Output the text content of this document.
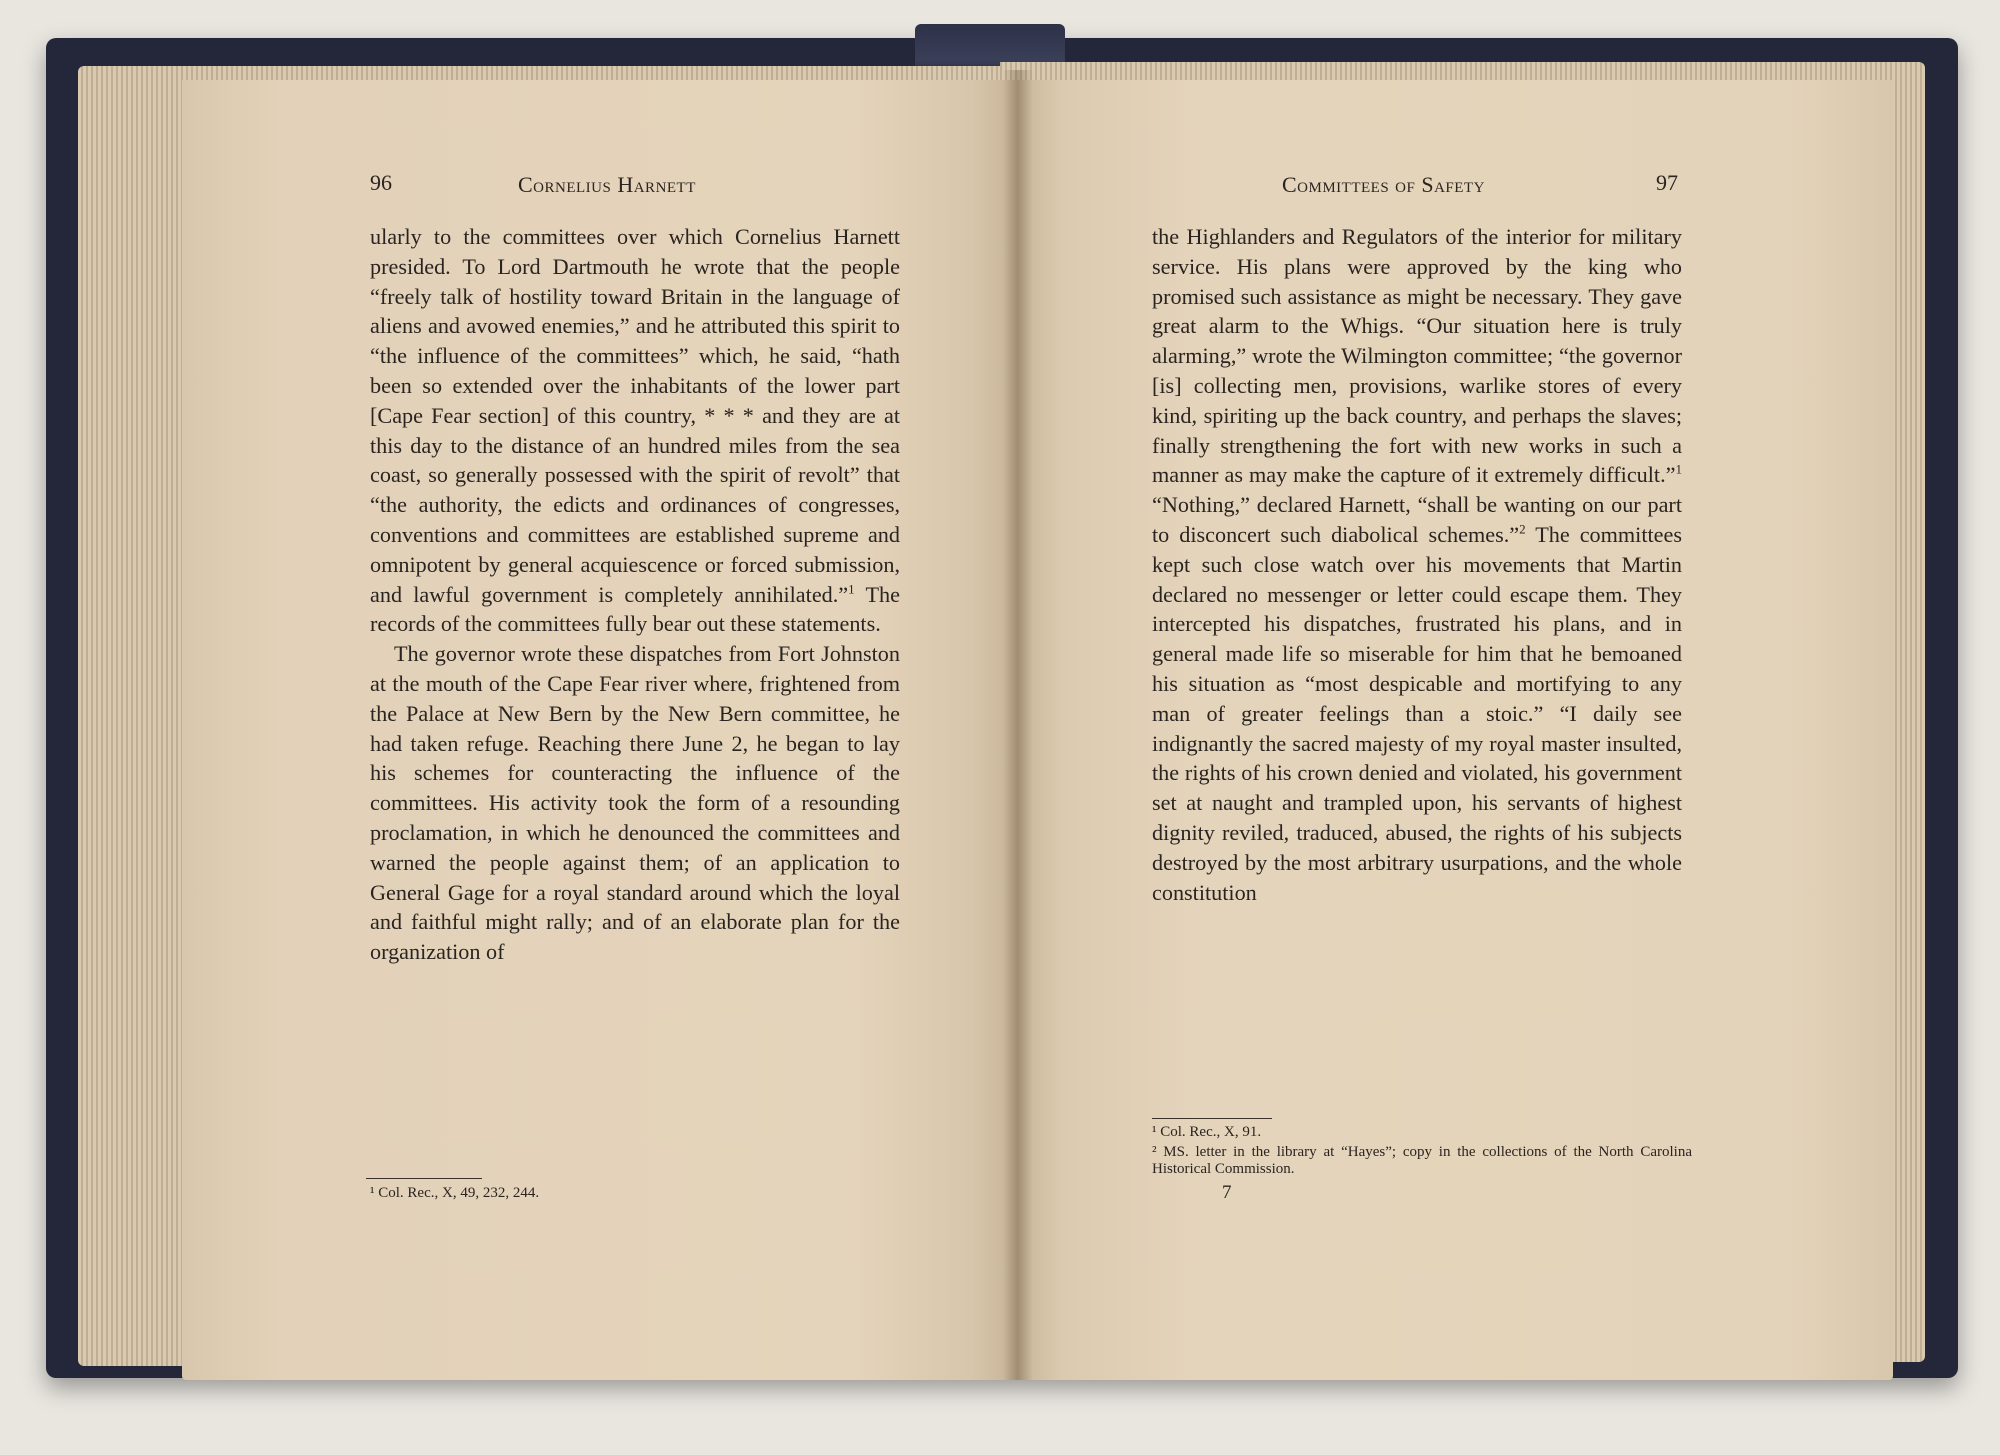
96	Cornelius Harnett

ularly to the committees over which Cornelius Harnett presided. To Lord Dartmouth he wrote that the people “freely talk of hostility toward Britain in the language of aliens and avowed enemies,” and he attributed this spirit to “the influence of the committees” which, he said, “hath been so extended over the inhabitants of the lower part [Cape Fear section] of this country, * * * and they are at this day to the distance of an hundred miles from the sea coast, so generally possessed with the spirit of revolt” that “the authority, the edicts and ordinances of congresses, conventions and committees are established supreme and omnipotent by general acquiescence or forced submission, and lawful government is completely annihilated.”$^1$ The records of the committees fully bear out these statements.

The governor wrote these dispatches from Fort Johnston at the mouth of the Cape Fear river where, frightened from the Palace at New Bern by the New Bern committee, he had taken refuge. Reaching there June 2, he began to lay his schemes for counteracting the influence of the committees. His activity took the form of a resounding proclamation, in which he denounced the committees and warned the people against them; of an application to General Gage for a royal standard around which the loyal and faithful might rally; and of an elaborate plan for the organization of

¹ Col. Rec., X, 49, 232, 244.
Committees of Safety	97

the Highlanders and Regulators of the interior for military service. His plans were approved by the king who promised such assistance as might be necessary. They gave great alarm to the Whigs. “Our situation here is truly alarming,” wrote the Wilmington committee; “the governor [is] collecting men, provisions, warlike stores of every kind, spiriting up the back country, and perhaps the slaves; finally strengthening the fort with new works in such a manner as may make the capture of it extremely difficult.”$^1$ “Nothing,” declared Harnett, “shall be wanting on our part to disconcert such diabolical schemes.”$^2$ The committees kept such close watch over his movements that Martin declared no messenger or letter could escape them. They intercepted his dispatches, frustrated his plans, and in general made life so miserable for him that he bemoaned his situation as “most despicable and mortifying to any man of greater feelings than a stoic.” “I daily see indignantly the sacred majesty of my royal master insulted, the rights of his crown denied and violated, his government set at naught and trampled upon, his servants of highest dignity reviled, traduced, abused, the rights of his subjects destroyed by the most arbitrary usurpations, and the whole constitution

¹ Col. Rec., X, 91.
² MS. letter in the library at “Hayes”; copy in the collections of the North Carolina Historical Commission.
7
